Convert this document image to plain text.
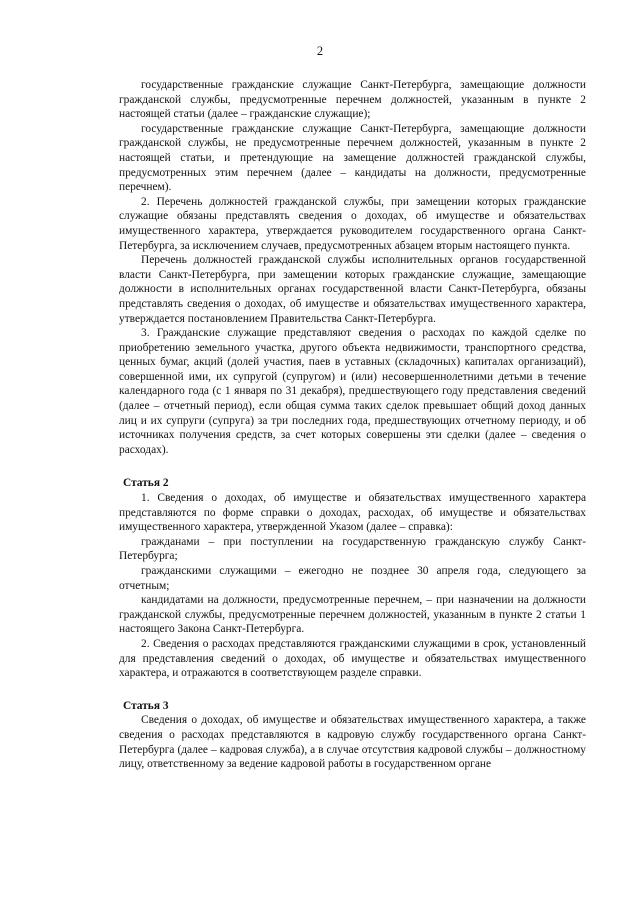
2

государственные гражданские служащие Санкт-Петербурга, замещающие должности гражданской службы, предусмотренные перечнем должностей, указанным в пункте 2 настоящей статьи (далее – гражданские служащие);

государственные гражданские служащие Санкт-Петербурга, замещающие должности гражданской службы, не предусмотренные перечнем должностей, указанным в пункте 2 настоящей статьи, и претендующие на замещение должностей гражданской службы, предусмотренных этим перечнем (далее – кандидаты на должности, предусмотренные перечнем).

2. Перечень должностей гражданской службы, при замещении которых гражданские служащие обязаны представлять сведения о доходах, об имуществе и обязательствах имущественного характера, утверждается руководителем государственного органа Санкт-Петербурга, за исключением случаев, предусмотренных абзацем вторым настоящего пункта.

Перечень должностей гражданской службы исполнительных органов государственной власти Санкт-Петербурга, при замещении которых гражданские служащие, замещающие должности в исполнительных органах государственной власти Санкт-Петербурга, обязаны представлять сведения о доходах, об имуществе и обязательствах имущественного характера, утверждается постановлением Правительства Санкт-Петербурга.

3. Гражданские служащие представляют сведения о расходах по каждой сделке по приобретению земельного участка, другого объекта недвижимости, транспортного средства, ценных бумаг, акций (долей участия, паев в уставных (складочных) капиталах организаций), совершенной ими, их супругой (супругом) и (или) несовершеннолетними детьми в течение календарного года (с 1 января по 31 декабря), предшествующего году представления сведений (далее – отчетный период), если общая сумма таких сделок превышает общий доход данных лиц и их супруги (супруга) за три последних года, предшествующих отчетному периоду, и об источниках получения средств, за счет которых совершены эти сделки (далее – сведения о расходах).

Статья 2

1. Сведения о доходах, об имуществе и обязательствах имущественного характера представляются по форме справки о доходах, расходах, об имуществе и обязательствах имущественного характера, утвержденной Указом (далее – справка):

гражданами – при поступлении на государственную гражданскую службу Санкт-Петербурга;

гражданскими служащими – ежегодно не позднее 30 апреля года, следующего за отчетным;

кандидатами на должности, предусмотренные перечнем, – при назначении на должности гражданской службы, предусмотренные перечнем должностей, указанным в пункте 2 статьи 1 настоящего Закона Санкт-Петербурга.

2. Сведения о расходах представляются гражданскими служащими в срок, установленный для представления сведений о доходах, об имуществе и обязательствах имущественного характера, и отражаются в соответствующем разделе справки.

Статья 3

Сведения о доходах, об имуществе и обязательствах имущественного характера, а также сведения о расходах представляются в кадровую службу государственного органа Санкт-Петербурга (далее – кадровая служба), а в случае отсутствия кадровой службы – должностному лицу, ответственному за ведение кадровой работы в государственном органе
